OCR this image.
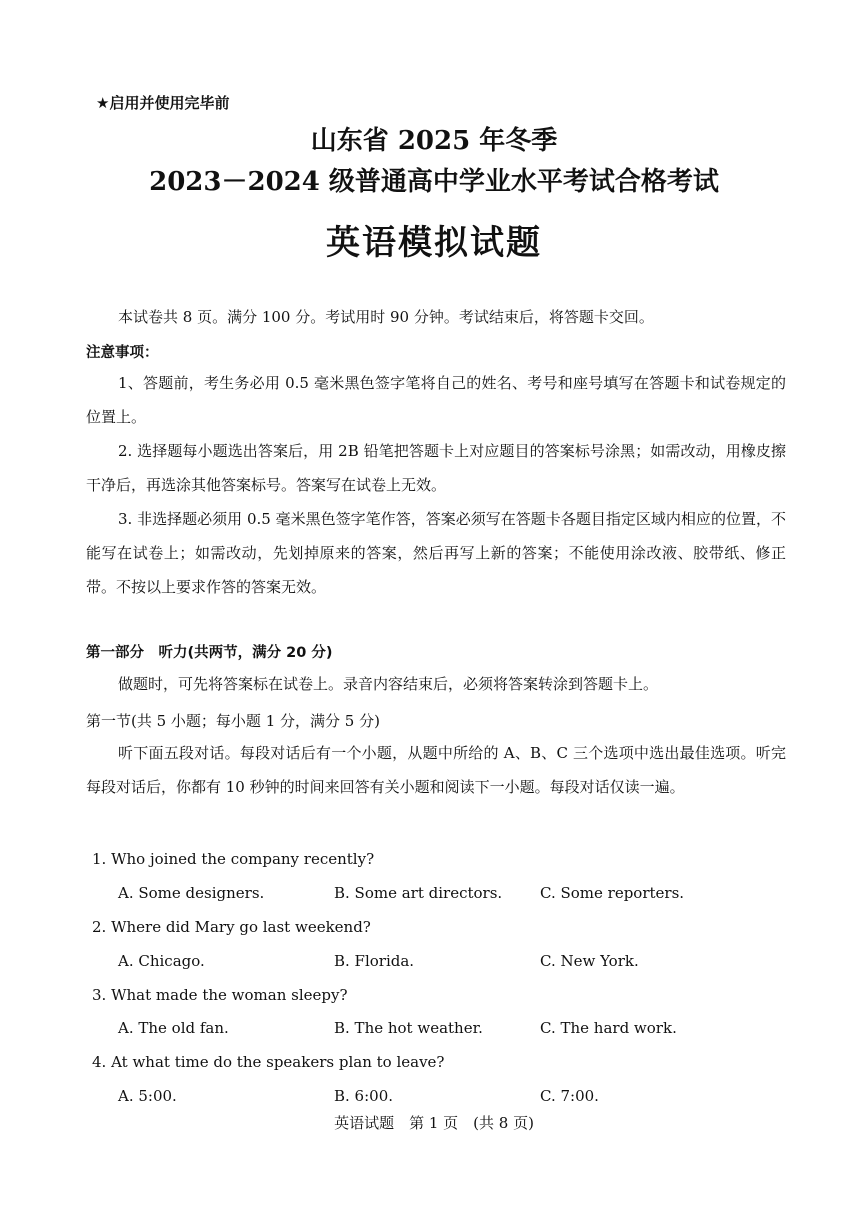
★启用并使用完毕前
山东省 2025 年冬季
2023－2024 级普通高中学业水平考试合格考试
英语模拟试题
本试卷共 8 页。满分 100 分。考试用时 90 分钟。考试结束后，将答题卡交回。
注意事项：
1、答题前，考生务必用 0.5 毫米黑色签字笔将自己的姓名、考号和座号填写在答题卡和试卷规定的位置上。
2. 选择题每小题选出答案后，用 2B 铅笔把答题卡上对应题目的答案标号涂黑；如需改动，用橡皮擦干净后，再选涂其他答案标号。答案写在试卷上无效。
3. 非选择题必须用 0.5 毫米黑色签字笔作答，答案必须写在答题卡各题目指定区域内相应的位置，不能写在试卷上；如需改动，先划掉原来的答案，然后再写上新的答案；不能使用涂改液、胶带纸、修正带。不按以上要求作答的答案无效。
第一部分　听力(共两节，满分 20 分)
做题时，可先将答案标在试卷上。录音内容结束后，必须将答案转涂到答题卡上。
第一节(共 5 小题；每小题 1 分，满分 5 分)
听下面五段对话。每段对话后有一个小题，从题中所给的 A、B、C 三个选项中选出最佳选项。听完每段对话后，你都有 10 秒钟的时间来回答有关小题和阅读下一小题。每段对话仅读一遍。
1. Who joined the company recently?
A. Some designers.	B. Some art directors.	C. Some reporters.
2. Where did Mary go last weekend?
A. Chicago.	B. Florida.	C. New York.
3. What made the woman sleepy?
A. The old fan.	B. The hot weather.	C. The hard work.
4. At what time do the speakers plan to leave?
A. 5:00.	B. 6:00.	C. 7:00.
英语试题　第 1 页　(共 8 页)
